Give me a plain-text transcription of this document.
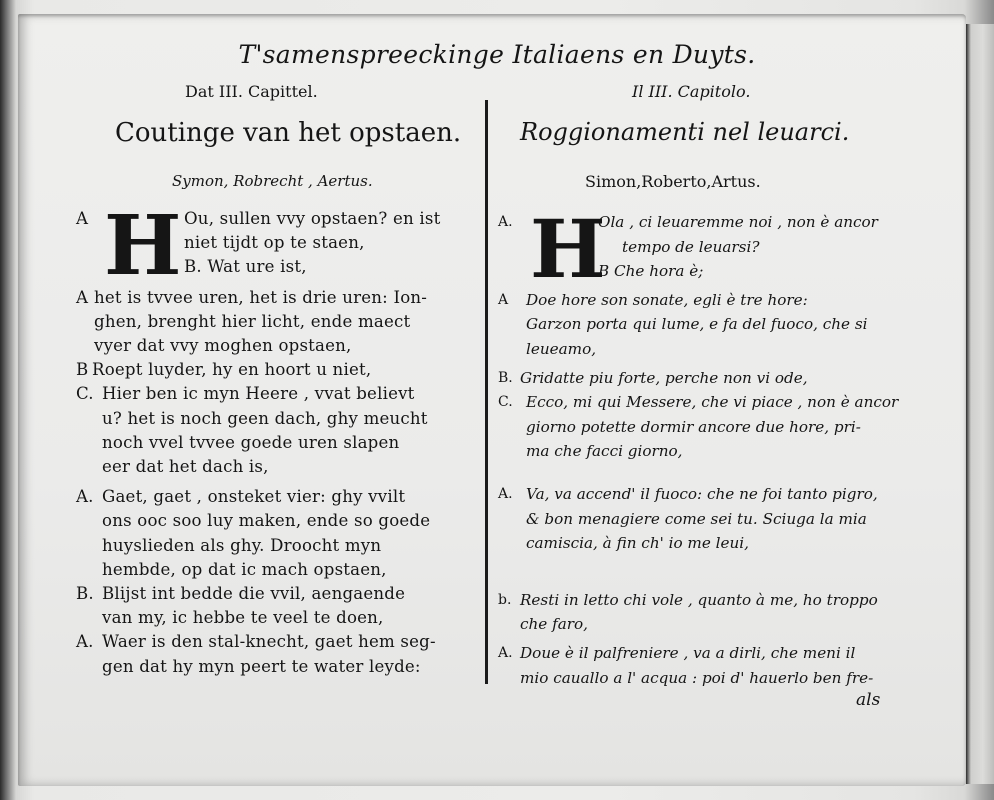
T'samenspreeckinge Italiaens en Duyts.
Dat III. Capittel.	Il III. Capitolo.
Coutinge van het opstaen. Roggionamenti nel leuarci.
Symon, Robrecht , Aertus.	Simon,Roberto,Artus.
A H Ou, sullen vvy opstaen? en ist
niet tijdt op te staen,
B. Wat ure ist,
A het is tvvee uren, het is drie uren: Ion-
ghen, brenght hier licht, ende maect
vyer dat vvy moghen opstaen,
B Roept luyder, hy en hoort u niet,
C. Hier ben ic myn Heere , vvat believt
u? het is noch geen dach, ghy meucht
noch vvel tvvee goede uren slapen
eer dat het dach is,
A. Gaet, gaet , onsteket vier: ghy vvilt
ons ooc soo luy maken, ende so goede
huyslieden als ghy. Droocht myn
hembde, op dat ic mach opstaen,
B. Blijst int bedde die vvil, aengaende
van my, ic hebbe te veel te doen,
A. Waer is den stal-knecht, gaet hem seg-
gen dat hy myn peert te water leyde:
A. H
Ola , ci leuaremme noi , non è ancor
tempo de leuarsi?
B Che hora è;
A Doe hore son sonate, egli è tre hore:
Garzon porta qui lume, e fa del fuoco, che si
leueamo,
B. Gridatte piu forte, perche non vi ode,
C. Ecco, mi qui Messere, che vi piace , non è ancor
giorno potette dormir ancore due hore, pri-
ma che facci giorno,
A. Va, va accend' il fuoco: che ne foi tanto pigro,
& bon menagiere come sei tu. Sciuga la mia
camiscia, à fin ch' io me leui,
b. Resti in letto chi vole , quanto à me, ho troppo
che faro,
A. Doue è il palfreniere , va a dirli, che meni il
mio cauallo a l' acqua : poi d' hauerlo ben fre-
als
